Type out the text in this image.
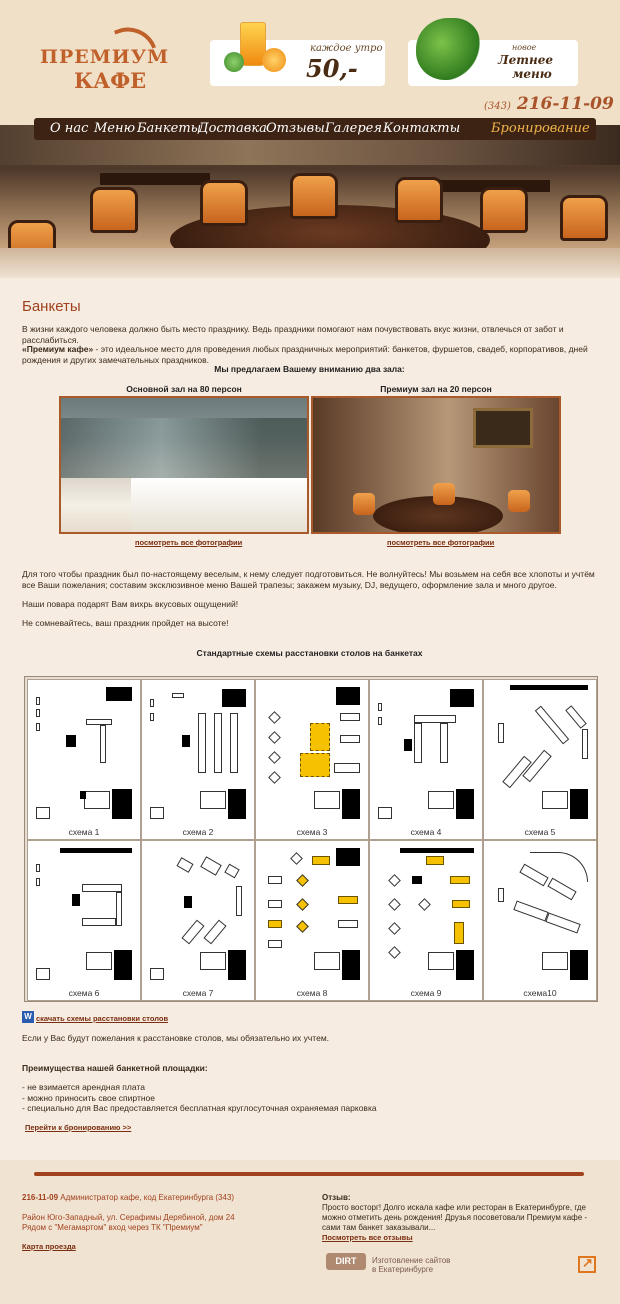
ПРЕМИУМ
КАФЕ
каждое утро
50,-
новое
Летнее
меню
(343) 216-11-09
О нас Меню Банкеты
Доставка Отзывы Галерея Контакты Бронирование
Банкеты
В жизни каждого человека должно быть место празднику. Ведь праздники помогают нам почувствовать вкус жизни, отвлечься от забот и расслабиться.
«Премиум кафе» - это идеальное место для проведения любых праздничных мероприятий: банкетов, фуршетов, свадеб, корпоративов, дней рождения и других замечательных праздников.
Мы предлагаем Вашему вниманию два зала:
Основной зал на 80 персон	Премиум зал на 20 персон
посмотреть все фотографии	посмотреть все фотографии
Для того чтобы праздник был по-настоящему веселым, к нему следует подготовиться. Не волнуйтесь! Мы возьмем на себя все хлопоты и учтём все Ваши пожелания; составим эксклюзивное меню Вашей трапезы; закажем музыку, DJ, ведущего, оформление зала и много другое.
Наши повара подарят Вам вихрь вкусовых ощущений!
Не сомневайтесь, ваш праздник пройдет на высоте!
Стандартные схемы расстановки столов на банкетах
схема 1	схема 2	схема 3	схема 4	схема 5
схема 6	схема 7	схема 8	схема 9	схема10
W скачать схемы расстановки столов
Если у Вас будут пожелания к расстановке столов, мы обязательно их учтем.
Преимущества нашей банкетной площадки:
- не взимается арендная плата
- можно приносить свое спиртное
- специально для Вас предоставляется бесплатная круглосуточная охраняемая парковка
Перейти к бронированию >>
216-11-09 Администратор кафе, код Екатеринбурга (343)
Район Юго-Западный, ул. Серафимы Дерябиной, дом 24
Рядом с "Мегамартом" вход через ТК "Премиум"
Карта проезда
Отзыв:
Просто восторг! Долго искала кафе или ресторан в Екатеринбурге, где можно отметить день рождения! Друзья посоветовали Премиум кафе - сами там банкет заказывали...
Посмотреть все отзывы
DIRT	Изготовление сайтов
в Екатеринбурге	↗
